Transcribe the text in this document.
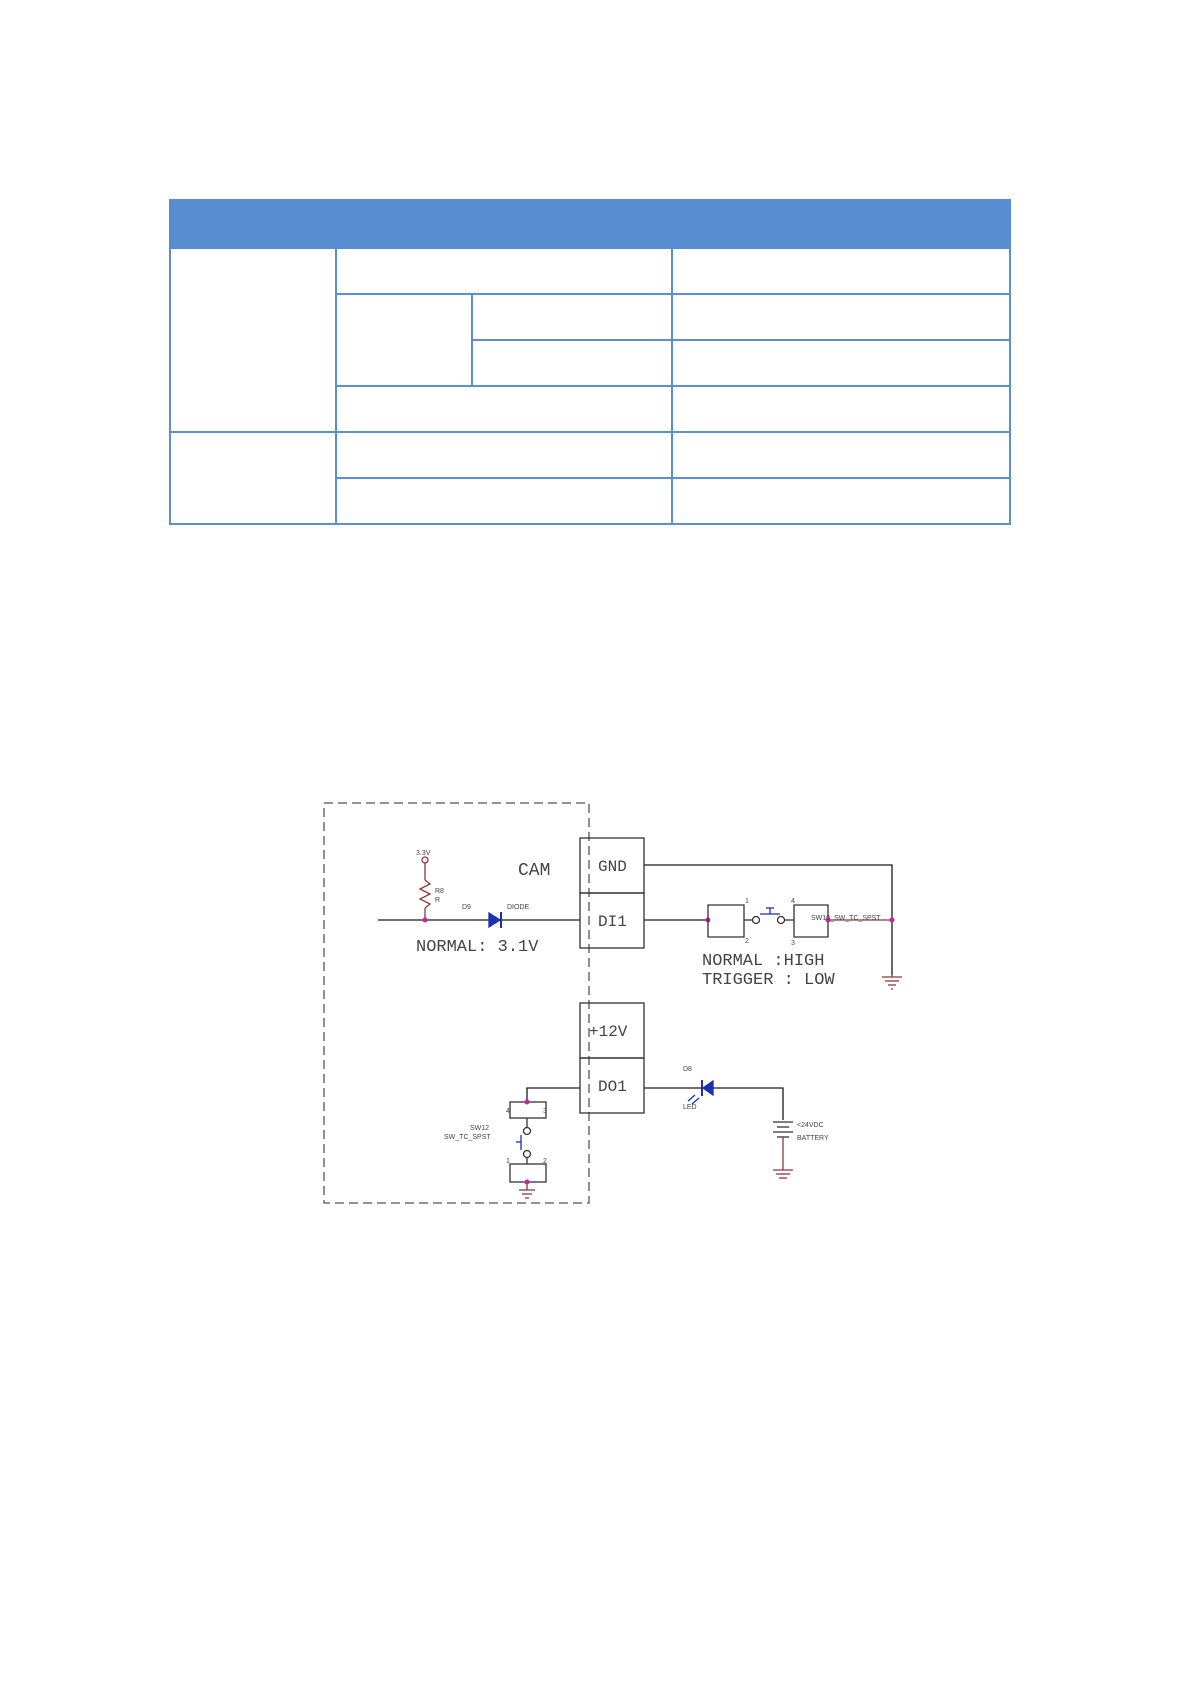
CAM	GND
DI1
+12V
DO1
NORMAL: 3.1V
NORMAL :HIGH
TRIGGER : LOW
3.3V
R8
R
D9	DIODE
SW10_SW_TC_SPST
1
2	3
4
SW12
SW_TC_SPST
4	3
1	2
D8
LED
<24VDC
BATTERY
